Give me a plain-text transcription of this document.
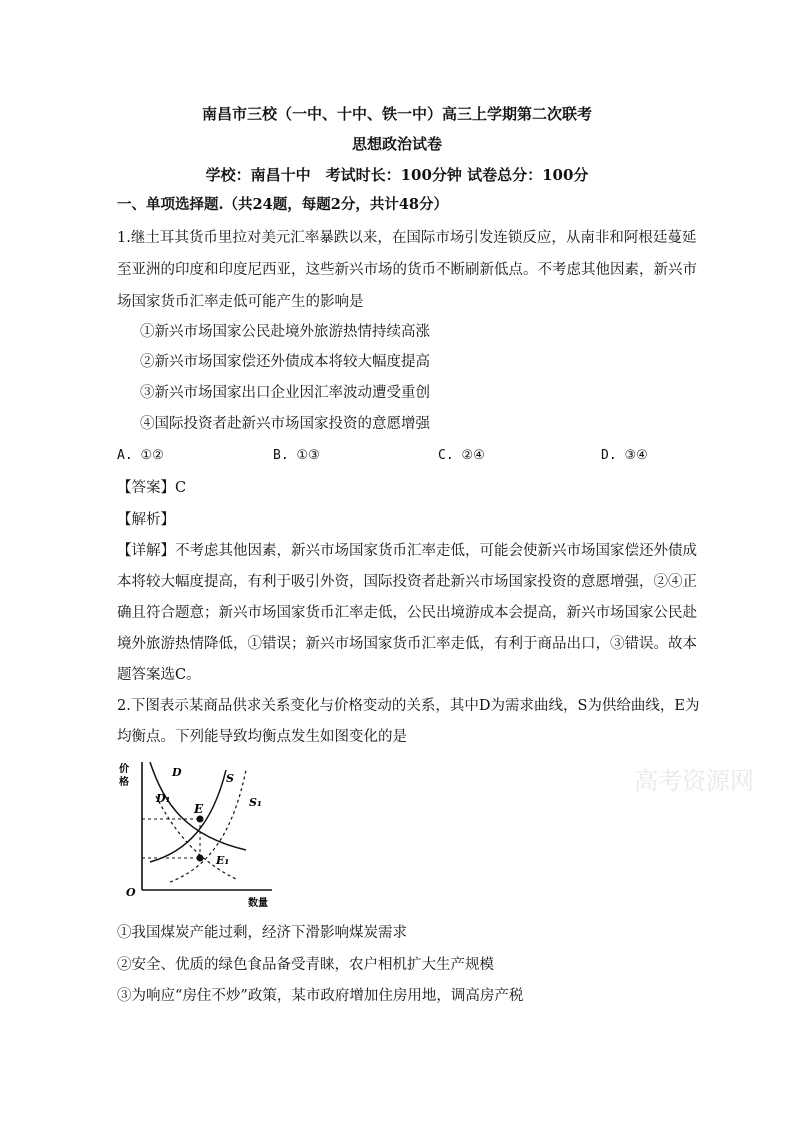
南昌市三校（一中、十中、铁一中）高三上学期第二次联考
思想政治试卷
学校：南昌十中　考试时长：100分钟 试卷总分：100分
一、单项选择题.（共24题，每题2分，共计48分）
1.继土耳其货币里拉对美元汇率暴跌以来，在国际市场引发连锁反应，从南非和阿根廷蔓延
至亚洲的印度和印度尼西亚，这些新兴市场的货币不断刷新低点。不考虑其他因素，新兴市
场国家货币汇率走低可能产生的影响是
①新兴市场国家公民赴境外旅游热情持续高涨
②新兴市场国家偿还外债成本将较大幅度提高
③新兴市场国家出口企业因汇率波动遭受重创
④国际投资者赴新兴市场国家投资的意愿增强
A. ①②	B. ①③	C. ②④	D. ③④
【答案】C
【解析】
【详解】不考虑其他因素，新兴市场国家货币汇率走低，可能会使新兴市场国家偿还外债成
本将较大幅度提高，有利于吸引外资，国际投资者赴新兴市场国家投资的意愿增强，②④正
确且符合题意；新兴市场国家货币汇率走低，公民出境游成本会提高，新兴市场国家公民赴
境外旅游热情降低，①错误；新兴市场国家货币汇率走低，有利于商品出口，③错误。故本
题答案选C。
2.下图表示某商品供求关系变化与价格变动的关系，其中D为需求曲线，S为供给曲线，E为
均衡点。下列能导致均衡点发生如图变化的是
价
格
数量
O
D	S
D₁	S₁
E
E₁
①我国煤炭产能过剩，经济下滑影响煤炭需求
②安全、优质的绿色食品备受青睐，农户相机扩大生产规模
③为响应“房住不炒”政策，某市政府增加住房用地，调高房产税
高考资源网
